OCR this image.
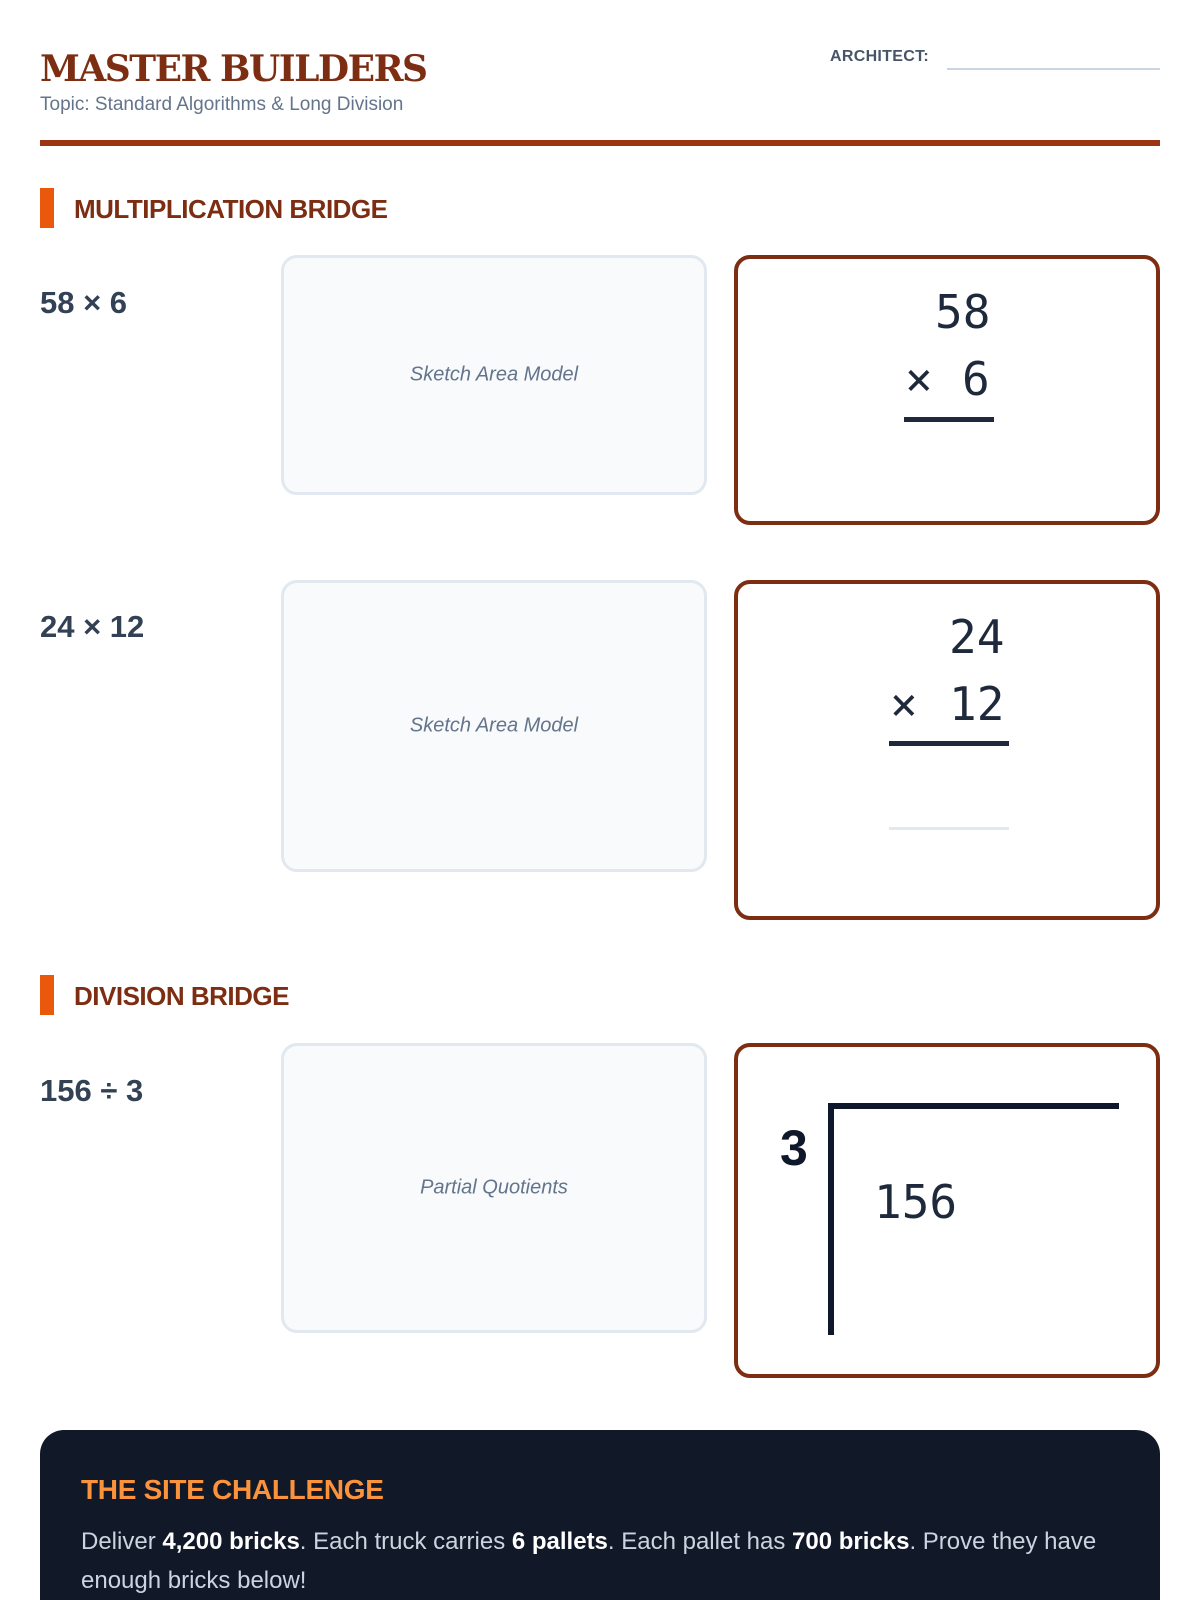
MASTER BUILDERS
Topic: Standard Algorithms & Long Division
ARCHITECT:
MULTIPLICATION BRIDGE
58 × 6
Sketch Area Model
58
× 6
24 × 12
Sketch Area Model
24
× 12
DIVISION BRIDGE
156 ÷ 3
Partial Quotients
3
156
THE SITE CHALLENGE
Deliver 4,200 bricks. Each truck carries 6 pallets. Each pallet has 700 bricks. Prove they have enough bricks below!
